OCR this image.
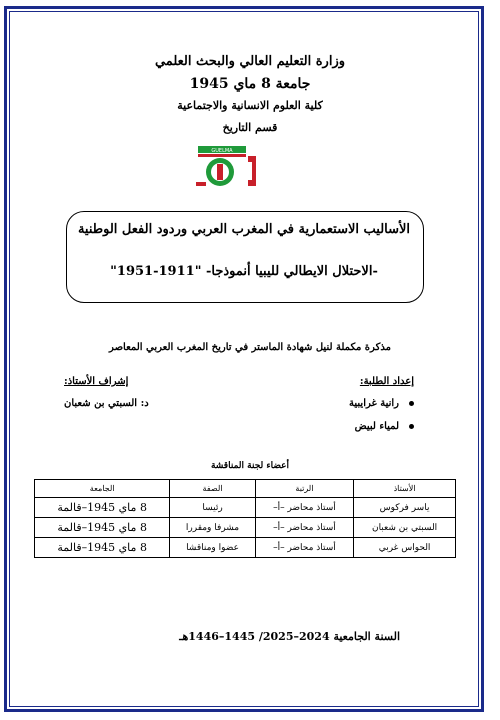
وزارة التعليم العالي والبحث العلمي
جامعة 8 ماي 1945
كلية العلوم الانسانية والاجتماعية
قسم التاريخ
GUELMA
الأساليب الاستعمارية في المغرب العربي وردود الفعل الوطنية
-الاحتلال الايطالي لليبيا أنموذجا- "1911-1951"
مذكرة مكملة لنيل شهادة الماستر في تاريخ المغرب العربي المعاصر
إعداد الطلبة:
إشراف الأستاذ:
رانية غرايبية
لمياء لبيض
د: السبتي بن شعبان
أعضاء لجنة المناقشة
الأستاذ	الرتبة	الصفة	الجامعة
ياسر فركوس	أستاذ محاضر –أ–	رئيسا	8 ماي 1945–قالمة
السبتي بن شعبان	أستاذ محاضر –أ–	مشرفا ومقررا	8 ماي 1945–قالمة
الحواس غربي	أستاذ محاضر –أ–	عضوا ومناقشا	8 ماي 1945–قالمة
السنة الجامعية 2024–2025/ 1445–1446هـ
